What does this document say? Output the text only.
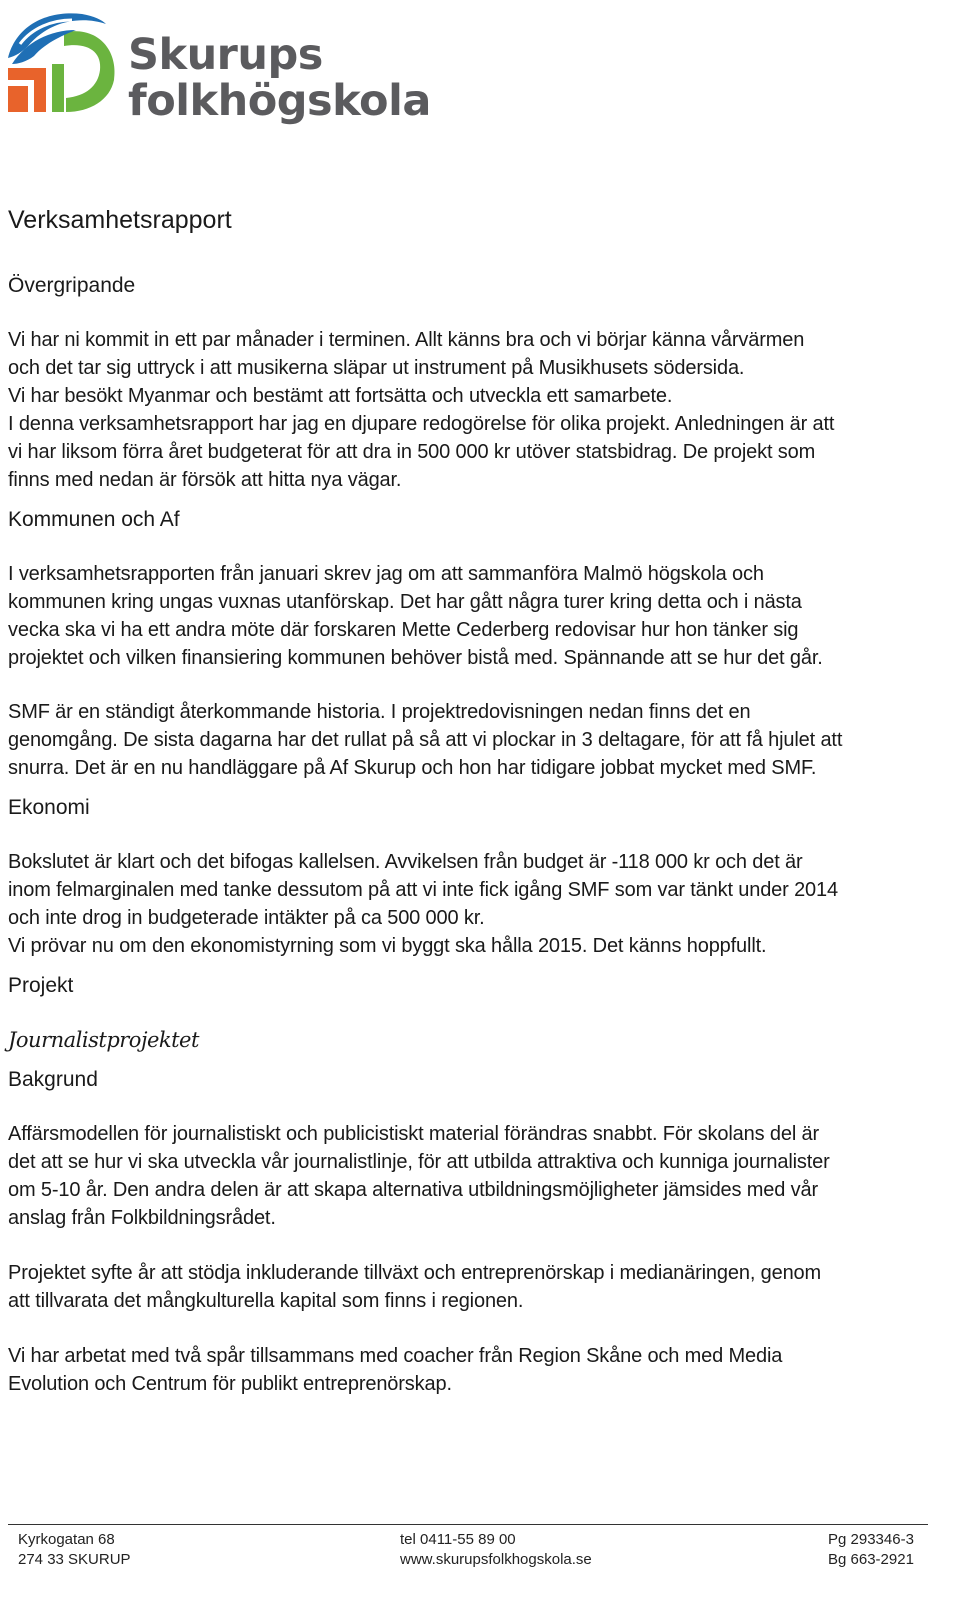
Skurups
folkhögskola
Verksamhetsrapport
Övergripande

Vi har ni kommit in ett par månader i terminen. Allt känns bra och vi börjar känna vårvärmen
och det tar sig uttryck i att musikerna släpar ut instrument på Musikhusets södersida.
Vi har besökt Myanmar och bestämt att fortsätta och utveckla ett samarbete.
I denna verksamhetsrapport har jag en djupare redogörelse för olika projekt. Anledningen är att
vi har liksom förra året budgeterat för att dra in 500 000 kr utöver statsbidrag. De projekt som
finns med nedan är försök att hitta nya vägar.

Kommunen och Af

I verksamhetsrapporten från januari skrev jag om att sammanföra Malmö högskola och
kommunen kring ungas vuxnas utanförskap. Det har gått några turer kring detta och i nästa
vecka ska vi ha ett andra möte där forskaren Mette Cederberg redovisar hur hon tänker sig
projektet och vilken finansiering kommunen behöver bistå med. Spännande att se hur det går.

SMF är en ständigt återkommande historia. I projektredovisningen nedan finns det en
genomgång. De sista dagarna har det rullat på så att vi plockar in 3 deltagare, för att få hjulet att
snurra. Det är en nu handläggare på Af Skurup och hon har tidigare jobbat mycket med SMF.

Ekonomi

Bokslutet är klart och det bifogas kallelsen. Avvikelsen från budget är -118 000 kr och det är
inom felmarginalen med tanke dessutom på att vi inte fick igång SMF som var tänkt under 2014
och inte drog in budgeterade intäkter på ca 500 000 kr.
Vi prövar nu om den ekonomistyrning som vi byggt ska hålla 2015. Det känns hoppfullt.

Projekt
Journalistprojektet
Bakgrund

Affärsmodellen för journalistiskt och publicistiskt material förändras snabbt. För skolans del är
det att se hur vi ska utveckla vår journalistlinje, för att utbilda attraktiva och kunniga journalister
om 5-10 år. Den andra delen är att skapa alternativa utbildningsmöjligheter jämsides med vår
anslag från Folkbildningsrådet.

Projektet syfte år att stödja inkluderande tillväxt och entreprenörskap i medianäringen, genom
att tillvarata det mångkulturella kapital som finns i regionen.

Vi har arbetat med två spår tillsammans med coacher från Region Skåne och med Media
Evolution och Centrum för publikt entreprenörskap.

Kyrkogatan 68
274 33 SKURUP
tel 0411-55 89 00
www.skurupsfolkhogskola.se
Pg 293346-3
Bg 663-2921
